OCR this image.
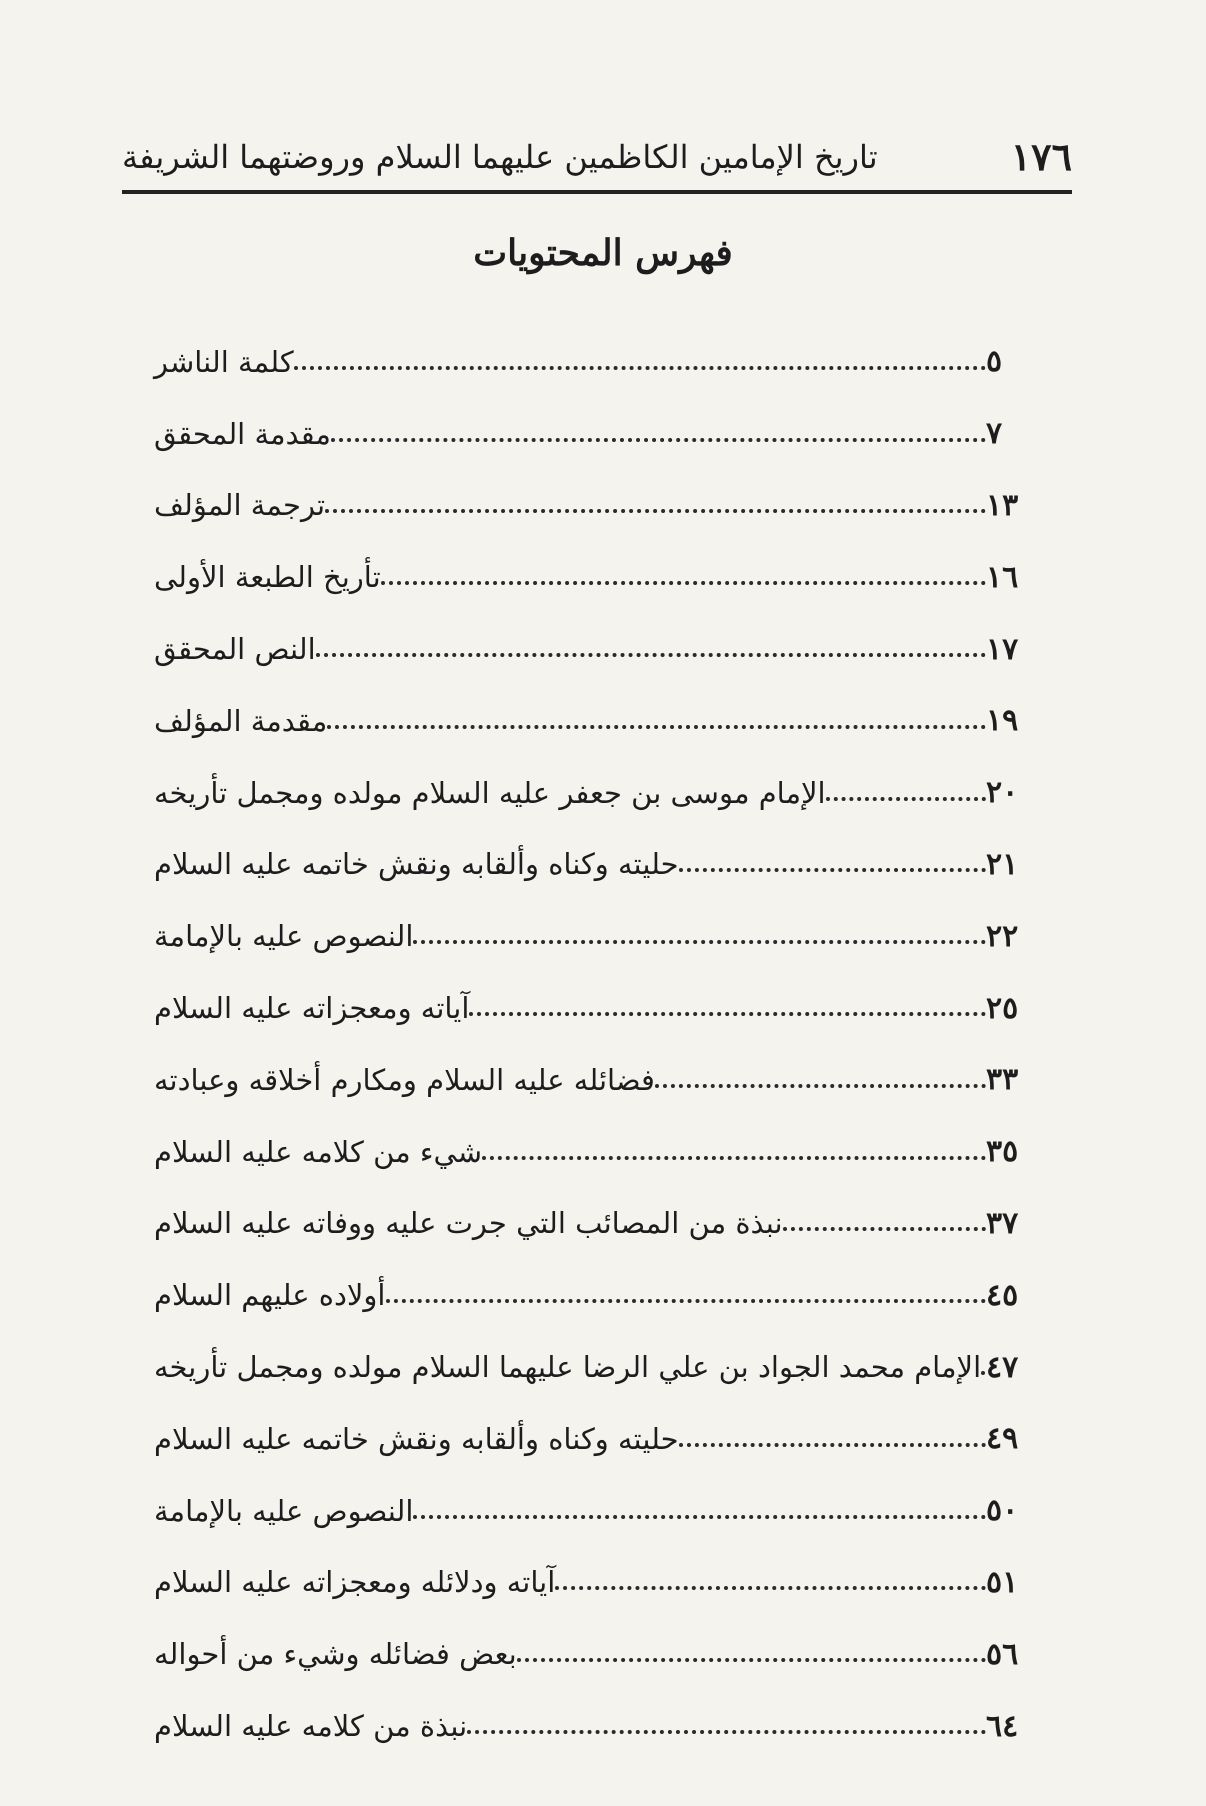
١٧٦
تاريخ الإمامين الكاظمين عليهما السلام وروضتهما الشريفة
فهرس المحتويات
كلمة الناشر	٥
مقدمة المحقق	٧
ترجمة المؤلف	١٣
تأريخ الطبعة الأولى	١٦
النص المحقق	١٧
مقدمة المؤلف	١٩
الإمام موسى بن جعفر عليه السلام مولده ومجمل تأريخه	٢٠
حليته وكناه وألقابه ونقش خاتمه عليه السلام	٢١
النصوص عليه بالإمامة	٢٢
آياته ومعجزاته عليه السلام	٢٥
فضائله عليه السلام ومكارم أخلاقه وعبادته	٣٣
شيء من كلامه عليه السلام	٣٥
نبذة من المصائب التي جرت عليه ووفاته عليه السلام	٣٧
أولاده عليهم السلام	٤٥
الإمام محمد الجواد بن علي الرضا عليهما السلام مولده ومجمل تأريخه ٤٧
حليته وكناه وألقابه ونقش خاتمه عليه السلام	٤٩
النصوص عليه بالإمامة	٥٠
آياته ودلائله ومعجزاته عليه السلام	٥١
بعض فضائله وشيء من أحواله	٥٦
نبذة من كلامه عليه السلام	٦٤
